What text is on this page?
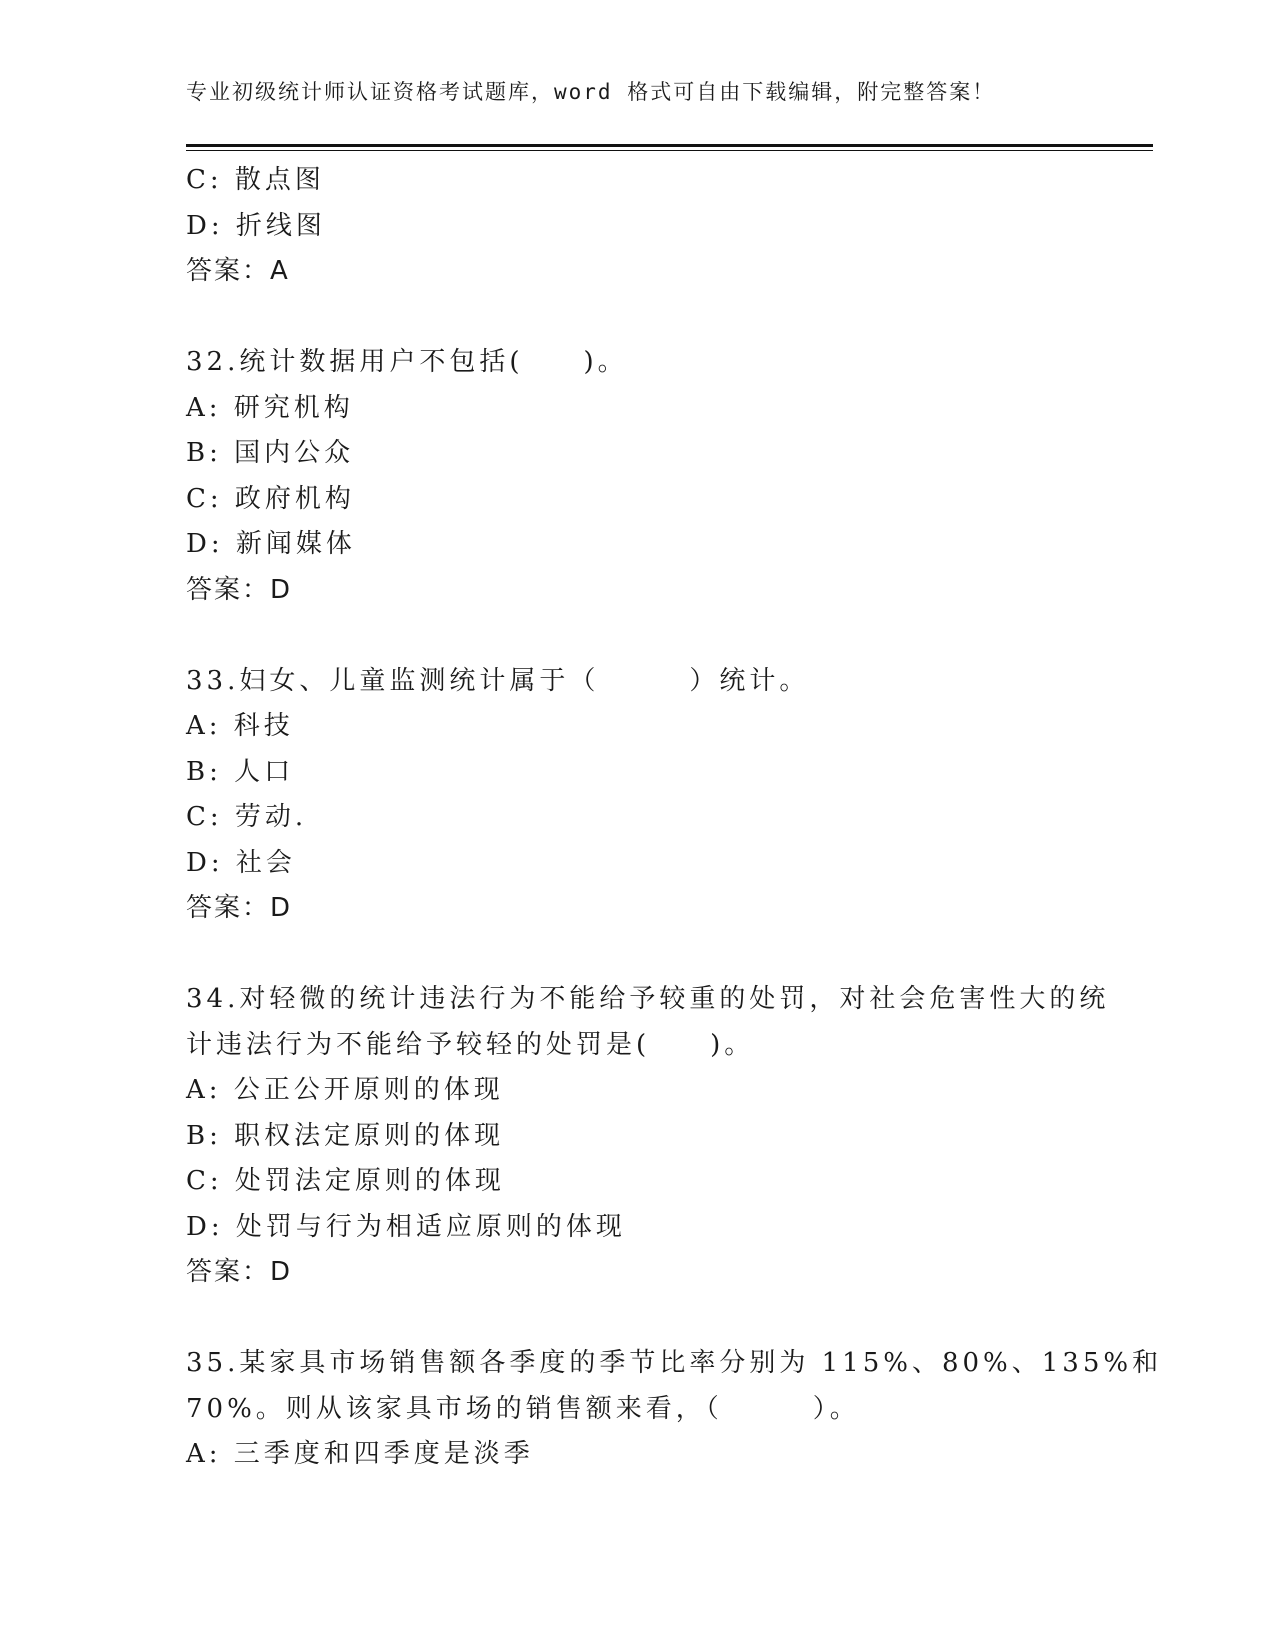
专业初级统计师认证资格考试题库，word 格式可自由下载编辑，附完整答案！
C: 散点图
D: 折线图
答案：A
32.统计数据用户不包括(　　)。
A: 研究机构
B: 国内公众
C: 政府机构
D: 新闻媒体
答案：D
33.妇女、儿童监测统计属于（　　　）统计。
A: 科技
B: 人口
C: 劳动.
D: 社会
答案：D
34.对轻微的统计违法行为不能给予较重的处罚，对社会危害性大的统
计违法行为不能给予较轻的处罚是(　　)。
A: 公正公开原则的体现
B: 职权法定原则的体现
C: 处罚法定原则的体现
D: 处罚与行为相适应原则的体现
答案：D
35.某家具市场销售额各季度的季节比率分别为 115%、80%、135%和
70%。则从该家具市场的销售额来看，（　　　）。
A: 三季度和四季度是淡季
